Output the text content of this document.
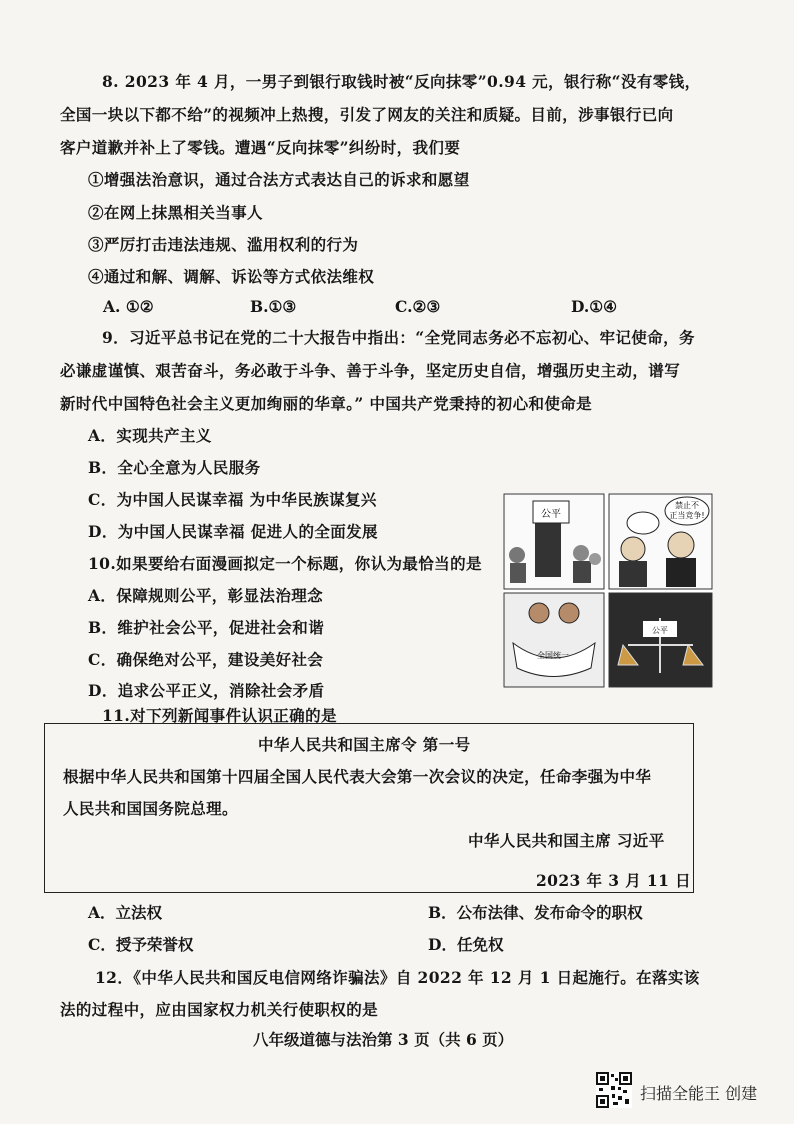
8. 2023 年 4 月，一男子到银行取钱时被“反向抹零”0.94 元，银行称“没有零钱，
全国一块以下都不给”的视频冲上热搜，引发了网友的关注和质疑。目前，涉事银行已向
客户道歉并补上了零钱。遭遇“反向抹零”纠纷时，我们要
①增强法治意识，通过合法方式表达自己的诉求和愿望
②在网上抹黑相关当事人
③严厉打击违法违规、滥用权利的行为
④通过和解、调解、诉讼等方式依法维权
A. ①②	B.①③	C.②③	D.①④
9．习近平总书记在党的二十大报告中指出：“全党同志务必不忘初心、牢记使命，务
必谦虚谨慎、艰苦奋斗，务必敢于斗争、善于斗争，坚定历史自信，增强历史主动，谱写
新时代中国特色社会主义更加绚丽的华章。” 中国共产党秉持的初心和使命是
A．实现共产主义
B．全心全意为人民服务
C．为中国人民谋幸福 为中华民族谋复兴
D．为中国人民谋幸福 促进人的全面发展
10.如果要给右面漫画拟定一个标题，你认为最恰当的是
A．保障规则公平，彰显法治理念
B．维护社会公平，促进社会和谐
C．确保绝对公平，建设美好社会
D．追求公平正义，消除社会矛盾
公平
禁止不
正当竞争!
全国统一
公平
11.对下列新闻事件认识正确的是
中华人民共和国主席令 第一号
根据中华人民共和国第十四届全国人民代表大会第一次会议的决定，任命李强为中华
人民共和国国务院总理。
中华人民共和国主席 习近平
2023 年 3 月 11 日
A．立法权	B．公布法律、发布命令的职权
C．授予荣誉权	D．任免权
12．《中华人民共和国反电信网络诈骗法》自 2022 年 12 月 1 日起施行。在落实该
法的过程中，应由国家权力机关行使职权的是
八年级道德与法治第 3 页（共 6 页）
扫描全能王 创建
